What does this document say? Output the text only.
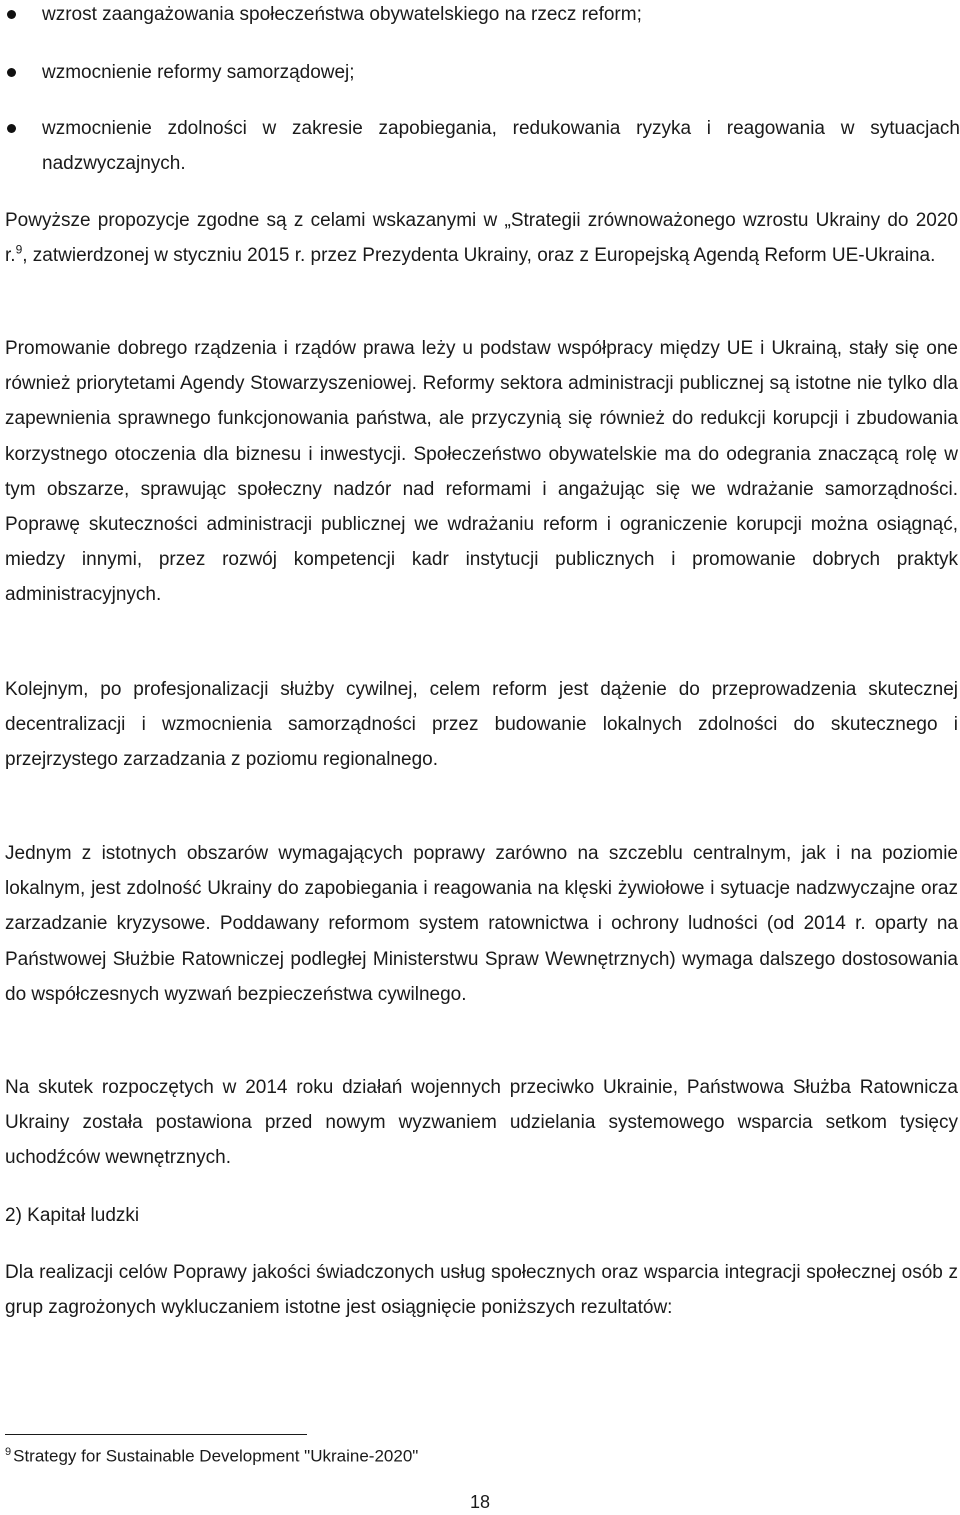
wzrost zaangażowania społeczeństwa obywatelskiego na rzecz reform;
wzmocnienie reformy samorządowej;
wzmocnienie zdolności w zakresie zapobiegania, redukowania ryzyka i reagowania w sytuacjach nadzwyczajnych.

Powyższe propozycje zgodne są z celami wskazanymi w „ Strategii zrównoważonego wzrostu Ukrainy do 2020 r.$^9$, zatwierdzonej w styczniu 2015 r. przez Prezydenta Ukrainy, oraz z Europejską Agendą Reform UE-Ukraina.

Promowanie dobrego rządzenia i rządów prawa leży u podstaw współpracy między UE i Ukrainą, stały się one również priorytetami Agendy Stowarzyszeniowej. Reformy sektora administracji publicznej są istotne nie tylko dla zapewnienia sprawnego funkcjonowania państwa, ale przyczynią się również do redukcji korupcji i zbudowania korzystnego otoczenia dla biznesu i inwestycji. Społeczeństwo obywatelskie ma do odegrania znaczącą rolę w tym obszarze, sprawując społeczny nadzór nad reformami i angażując się we wdrażanie samorządności. Poprawę skuteczności administracji publicznej we wdrażaniu reform i ograniczenie korupcji można osiągnąć, miedzy innymi, przez rozwój kompetencji kadr instytucji publicznych i promowanie dobrych praktyk administracyjnych.

Kolejnym, po profesjonalizacji służby cywilnej, celem reform jest dążenie do przeprowadzenia skutecznej decentralizacji i wzmocnienia samorządności przez budowanie lokalnych zdolności do skutecznego i przejrzystego zarzadzania z poziomu regionalnego.

Jednym z istotnych obszarów wymagających poprawy zarówno na szczeblu centralnym, jak i na poziomie lokalnym, jest zdolność Ukrainy do zapobiegania i reagowania na klęski żywiołowe i sytuacje nadzwyczajne oraz zarzadzanie kryzysowe. Poddawany reformom system ratownictwa i ochrony ludności (od 2014 r. oparty na Państwowej Służbie Ratowniczej podległej Ministerstwu Spraw Wewnętrznych) wymaga dalszego dostosowania do współczesnych wyzwań bezpieczeństwa cywilnego.

Na skutek rozpoczętych w 2014 roku działań wojennych przeciwko Ukrainie, Państwowa Służba Ratownicza Ukrainy została postawiona przed nowym wyzwaniem udzielania systemowego wsparcia setkom tysięcy uchodźców wewnętrznych.

2) Kapitał ludzki

Dla realizacji celów Poprawy jakości świadczonych usług społecznych oraz wsparcia integracji społecznej osób z grup zagrożonych wykluczaniem istotne jest osiągnięcie poniższych rezultatów:

$^9$ Strategy for Sustainable Development "Ukraine-2020"

18
